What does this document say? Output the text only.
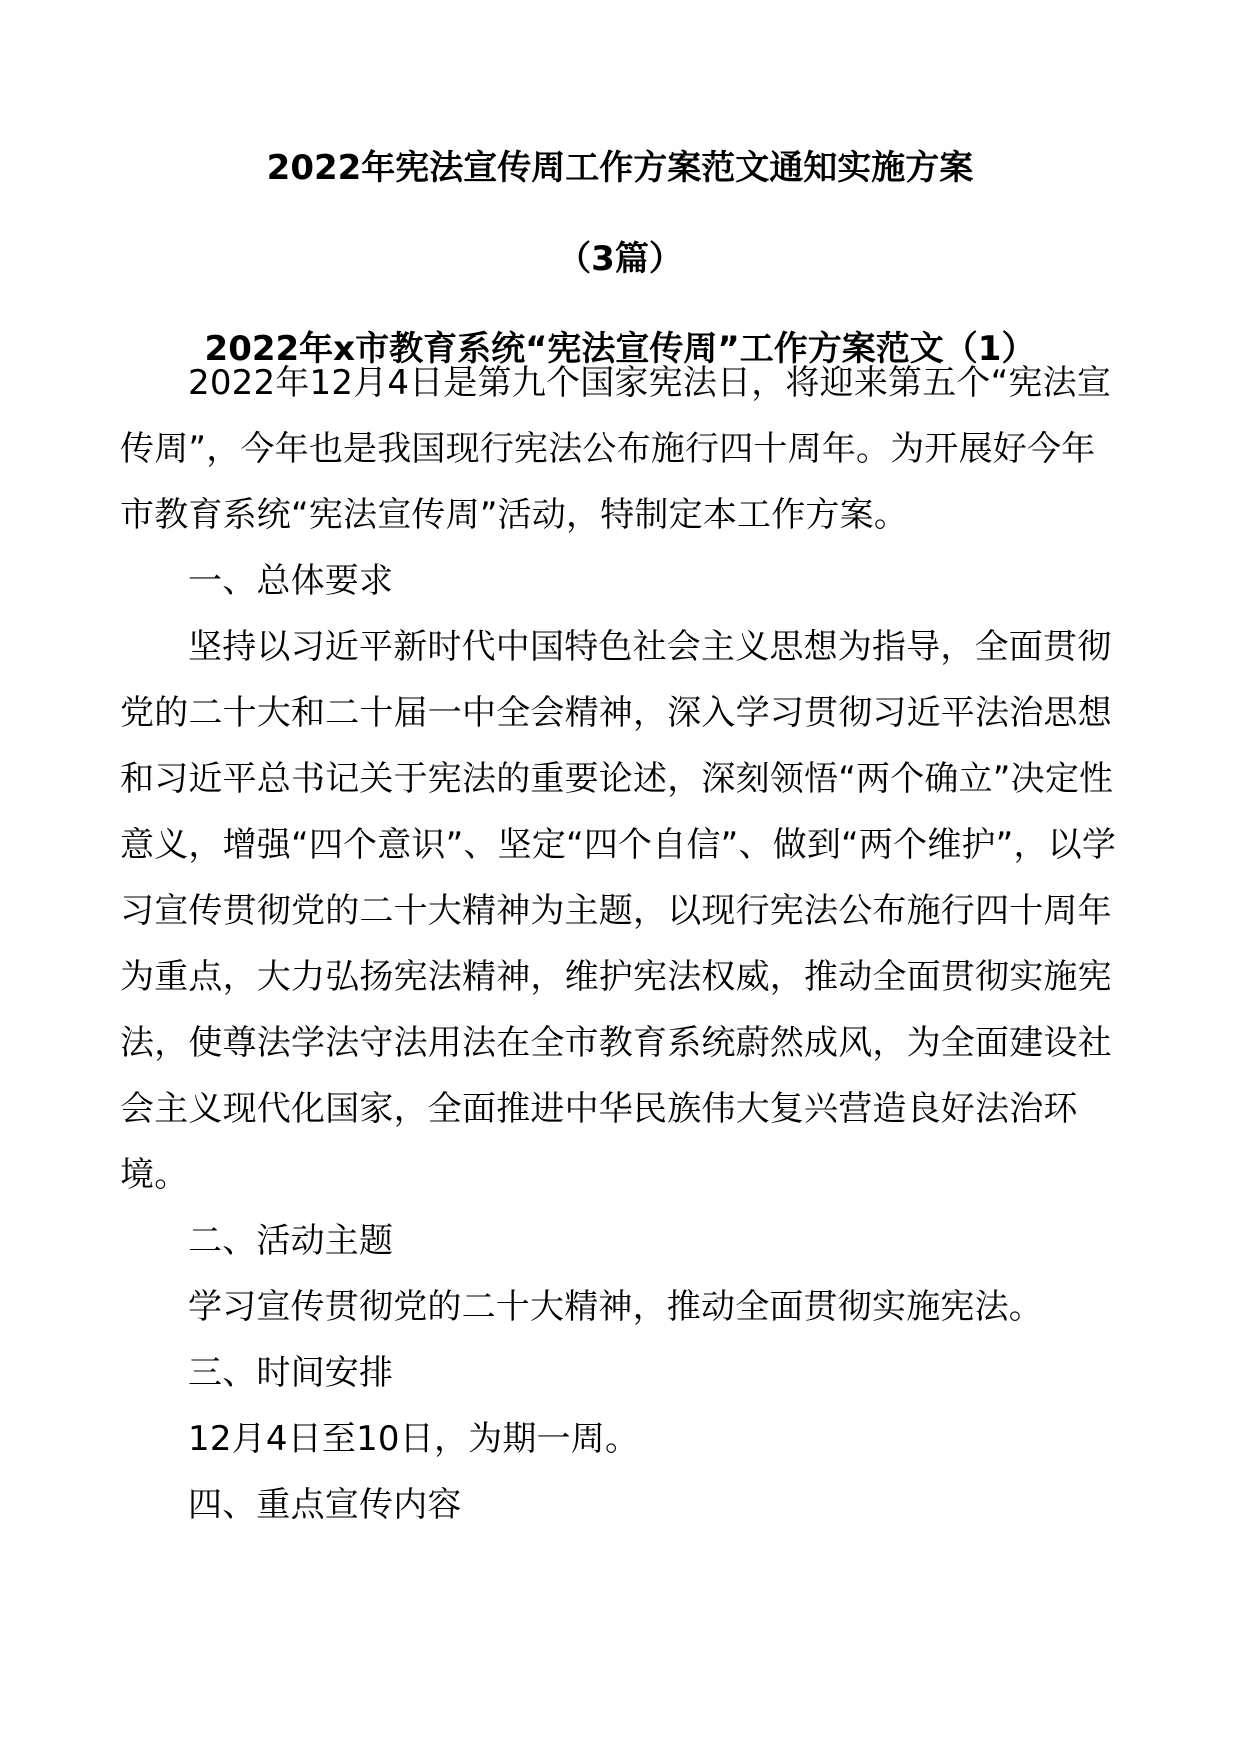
2022年宪法宣传周工作方案范文通知实施方案
（3篇）
2022年x市教育系统“宪法宣传周”工作方案范文（1）

2022年12月4日是第九个国家宪法日，将迎来第五个“宪法宣传周”，今年也是我国现行宪法公布施行四十周年。为开展好今年市教育系统“宪法宣传周”活动，特制定本工作方案。

一、总体要求

坚持以习近平新时代中国特色社会主义思想为指导，全面贯彻党的二十大和二十届一中全会精神，深入学习贯彻习近平法治思想和习近平总书记关于宪法的重要论述，深刻领悟“两个确立”决定性意义，增强“四个意识”、坚定“四个自信”、做到“两个维护”，以学习宣传贯彻党的二十大精神为主题，以现行宪法公布施行四十周年为重点，大力弘扬宪法精神，维护宪法权威，推动全面贯彻实施宪法，使尊法学法守法用法在全市教育系统蔚然成风，为全面建设社会主义现代化国家，全面推进中华民族伟大复兴营造良好法治环境。

二、活动主题

学习宣传贯彻党的二十大精神，推动全面贯彻实施宪法。

三、时间安排

12月4日至10日，为期一周。

四、重点宣传内容
